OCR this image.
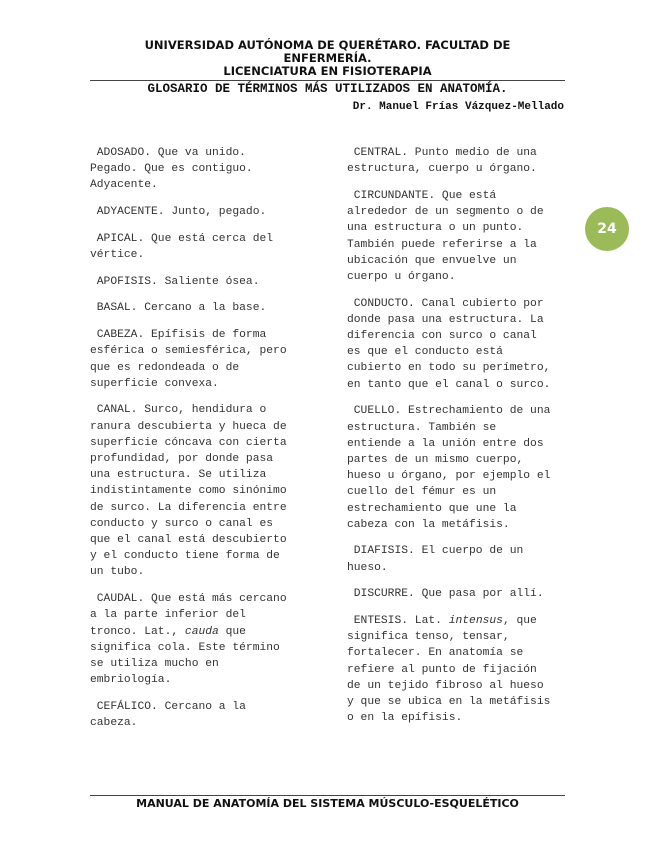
UNIVERSIDAD AUTÓNOMA DE QUERÉTARO. FACULTAD DE
ENFERMERÍA.
LICENCIATURA EN FISIOTERAPIA
GLOSARIO DE TÉRMINOS MÁS UTILIZADOS EN ANATOMÍA.
Dr. Manuel Frías Vázquez-Mellado
ADOSADO. Que va unido.
Pegado. Que es contiguo.
Adyacente.
ADYACENTE. Junto, pegado.
APICAL. Que está cerca del
vértice.
APOFISIS. Saliente ósea.
BASAL. Cercano a la base.
CABEZA. Epífisis de forma
esférica o semiesférica, pero
que es redondeada o de
superficie convexa.
CANAL. Surco, hendidura o
ranura descubierta y hueca de
superficie cóncava con cierta
profundidad, por donde pasa
una estructura. Se utiliza
indistintamente como sinónimo
de surco. La diferencia entre
conducto y surco o canal es
que el canal está descubierto
y el conducto tiene forma de
un tubo.
CAUDAL. Que está más cercano
a la parte inferior del
tronco. Lat., cauda que
significa cola. Este término
se utiliza mucho en
embriología.
CEFÁLICO. Cercano a la
cabeza.
CENTRAL. Punto medio de una
estructura, cuerpo u órgano.
CIRCUNDANTE. Que está
alrededor de un segmento o de
una estructura o un punto.
También puede referirse a la
ubicación que envuelve un
cuerpo u órgano.
CONDUCTO. Canal cubierto por
donde pasa una estructura. La
diferencia con surco o canal
es que el conducto está
cubierto en todo su perímetro,
en tanto que el canal o surco.
CUELLO. Estrechamiento de una
estructura. También se
entiende a la unión entre dos
partes de un mismo cuerpo,
hueso u órgano, por ejemplo el
cuello del fémur es un
estrechamiento que une la
cabeza con la metáfisis.
DIAFISIS. El cuerpo de un
hueso.
DISCURRE. Que pasa por allí.
ENTESIS. Lat. intensus, que
significa tenso, tensar,
fortalecer. En anatomía se
refiere al punto de fijación
de un tejido fibroso al hueso
y que se ubica en la metáfisis
o en la epífisis.
24
MANUAL DE ANATOMÍA DEL SISTEMA MÚSCULO-ESQUELÉTICO
